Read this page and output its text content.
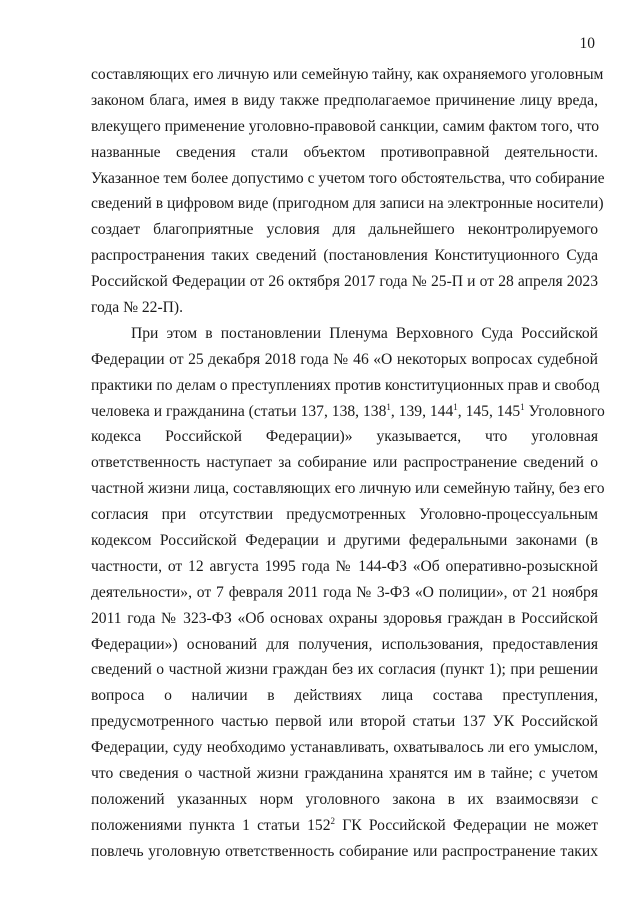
10
составляющих его личную или семейную тайну, как охраняемого уголовным
законом блага, имея в виду также предполагаемое причинение лицу вреда,
влекущего применение уголовно-правовой санкции, самим фактом того, что
названные сведения стали объектом противоправной деятельности.
Указанное тем более допустимо с учетом того обстоятельства, что собирание
сведений в цифровом виде (пригодном для записи на электронные носители)
создает благоприятные условия для дальнейшего неконтролируемого
распространения таких сведений (постановления Конституционного Суда
Российской Федерации от 26 октября 2017 года № 25-П и от 28 апреля 2023
года № 22-П).
При этом в постановлении Пленума Верховного Суда Российской
Федерации от 25 декабря 2018 года № 46 «О некоторых вопросах судебной
практики по делам о преступлениях против конституционных прав и свобод
человека и гражданина (статьи 137, 138, $138^1$, 139, $144^1$, 145, $145^1$ Уголовного
кодекса Российской Федерации)» указывается, что уголовная
ответственность наступает за собирание или распространение сведений о
частной жизни лица, составляющих его личную или семейную тайну, без его
согласия при отсутствии предусмотренных Уголовно-процессуальным
кодексом Российской Федерации и другими федеральными законами (в
частности, от 12 августа 1995 года № 144-ФЗ «Об оперативно-розыскной
деятельности», от 7 февраля 2011 года № 3-ФЗ «О полиции», от 21 ноября
2011 года № 323-ФЗ «Об основах охраны здоровья граждан в Российской
Федерации») оснований для получения, использования, предоставления
сведений о частной жизни граждан без их согласия (пункт 1); при решении
вопроса о наличии в действиях лица состава преступления,
предусмотренного частью первой или второй статьи 137 УК Российской
Федерации, суду необходимо устанавливать, охватывалось ли его умыслом,
что сведения о частной жизни гражданина хранятся им в тайне; с учетом
положений указанных норм уголовного закона в их взаимосвязи с
положениями пункта 1 статьи $152^2$ ГК Российской Федерации не может
повлечь уголовную ответственность собирание или распространение таких
